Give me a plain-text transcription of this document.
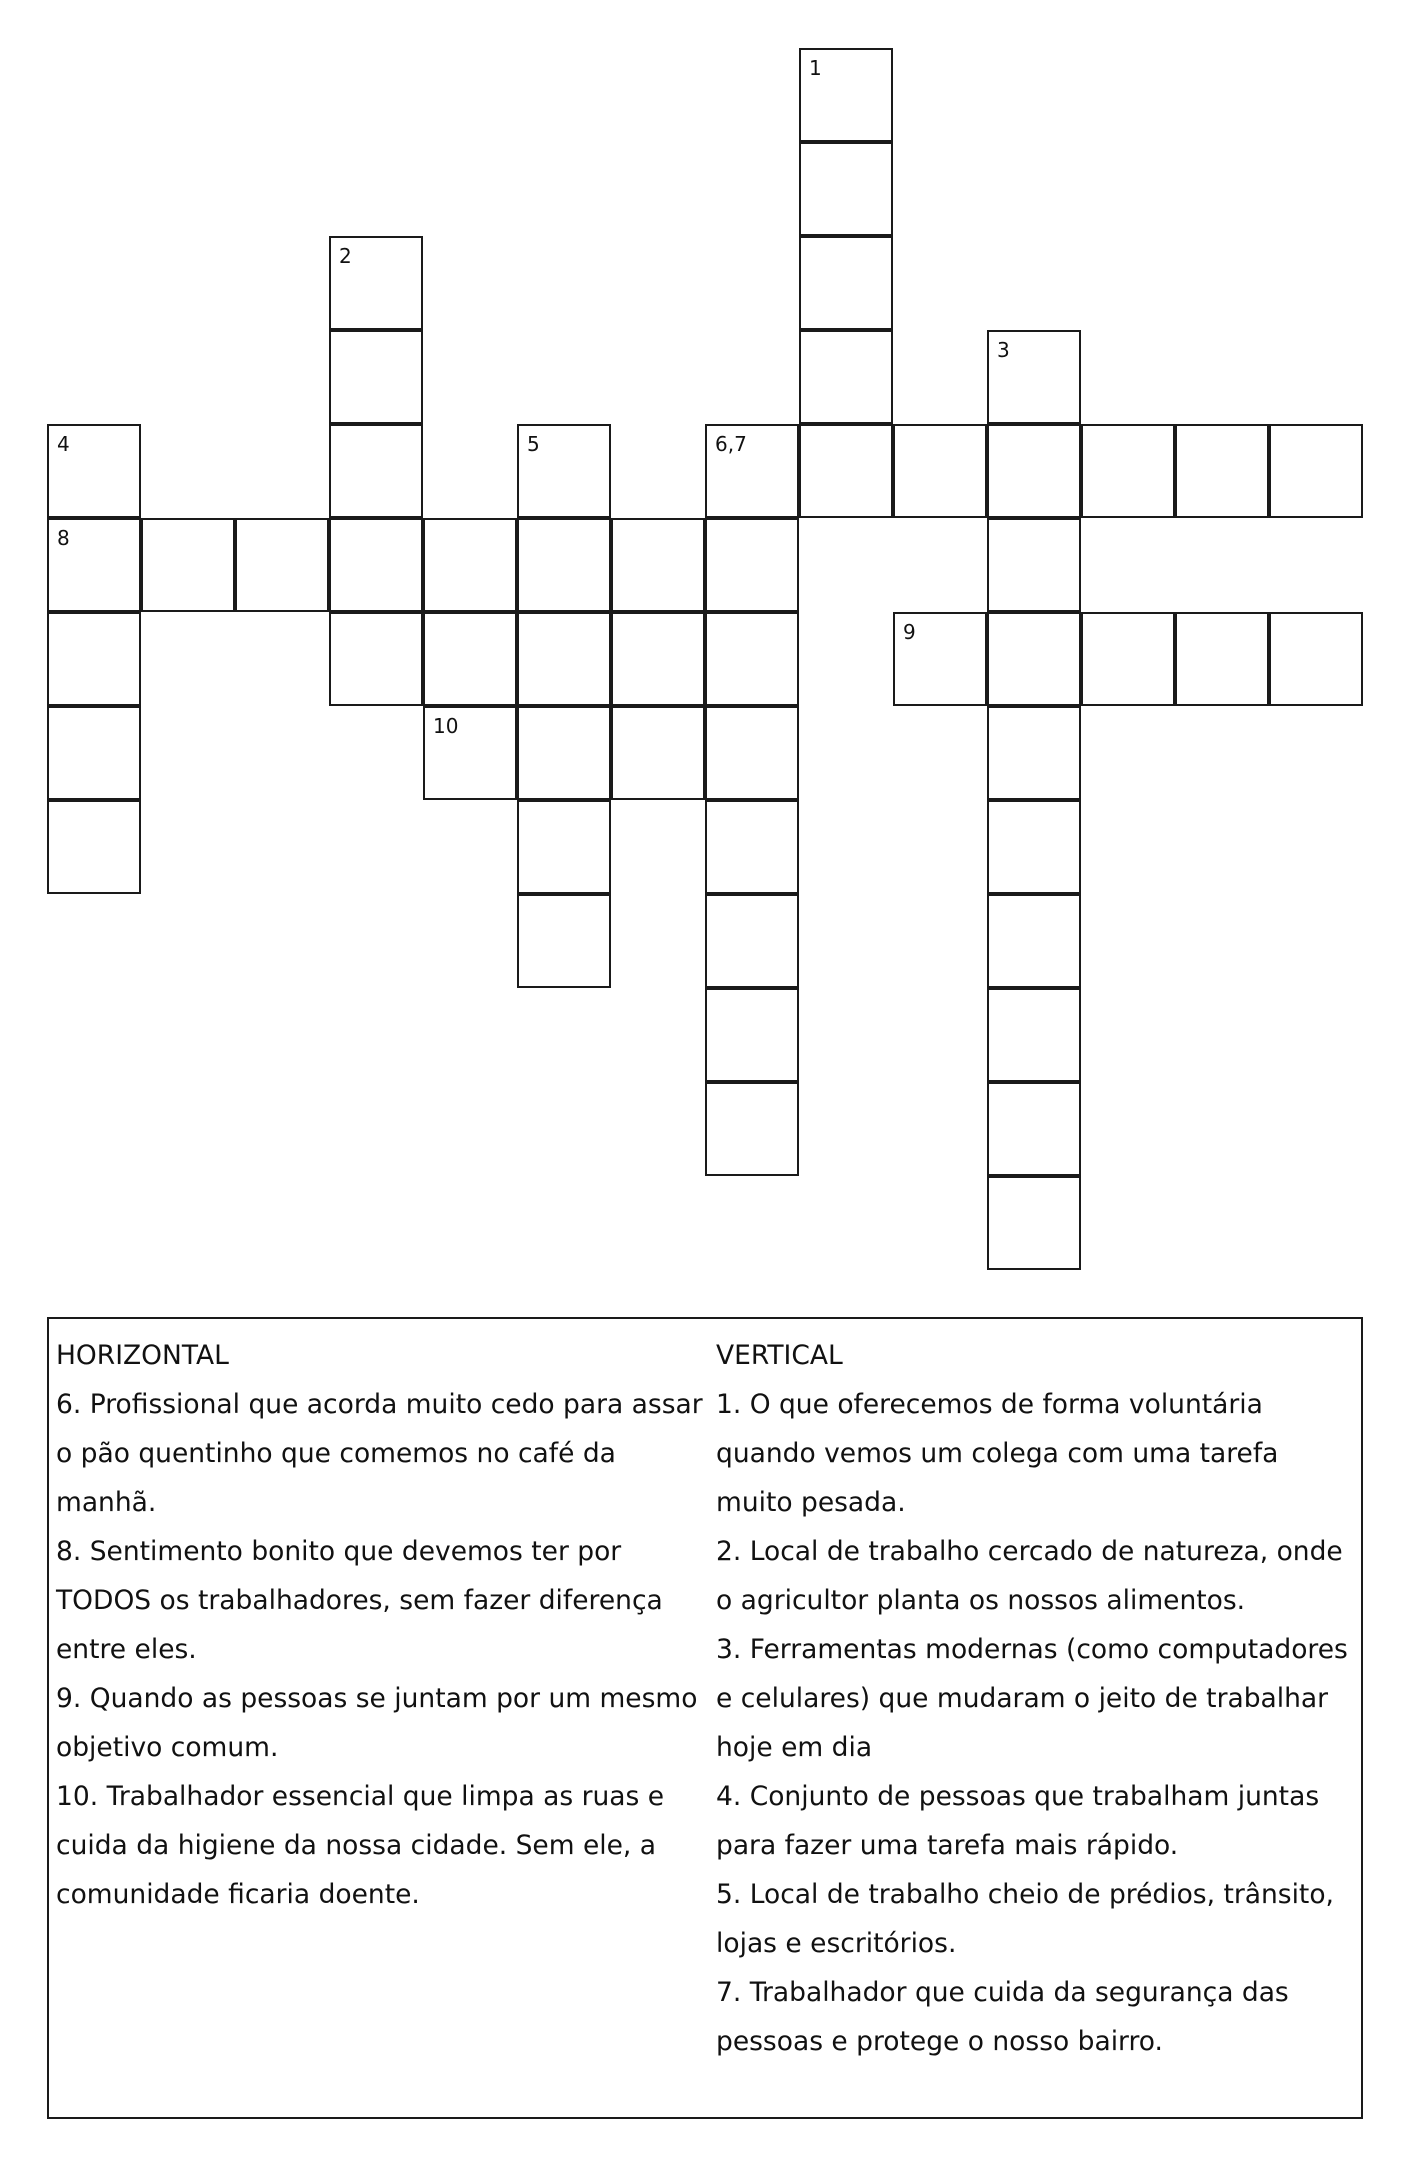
1
2
3
4	5	6,7
8
9
10

HORIZONTAL

6. Profissional que acorda muito cedo para assar o pão quentinho que comemos no café da manhã.

8. Sentimento bonito que devemos ter por TODOS os trabalhadores, sem fazer diferença entre eles.

9. Quando as pessoas se juntam por um mesmo objetivo comum.

10. Trabalhador essencial que limpa as ruas e cuida da higiene da nossa cidade. Sem ele, a comunidade ficaria doente.

VERTICAL

1. O que oferecemos de forma voluntária quando vemos um colega com uma tarefa muito pesada.

2. Local de trabalho cercado de natureza, onde o agricultor planta os nossos alimentos.

3. Ferramentas modernas (como computadores e celulares) que mudaram o jeito de trabalhar hoje em dia

4. Conjunto de pessoas que trabalham juntas para fazer uma tarefa mais rápido.

5. Local de trabalho cheio de prédios, trânsito, lojas e escritórios.

7. Trabalhador que cuida da segurança das pessoas e protege o nosso bairro.
